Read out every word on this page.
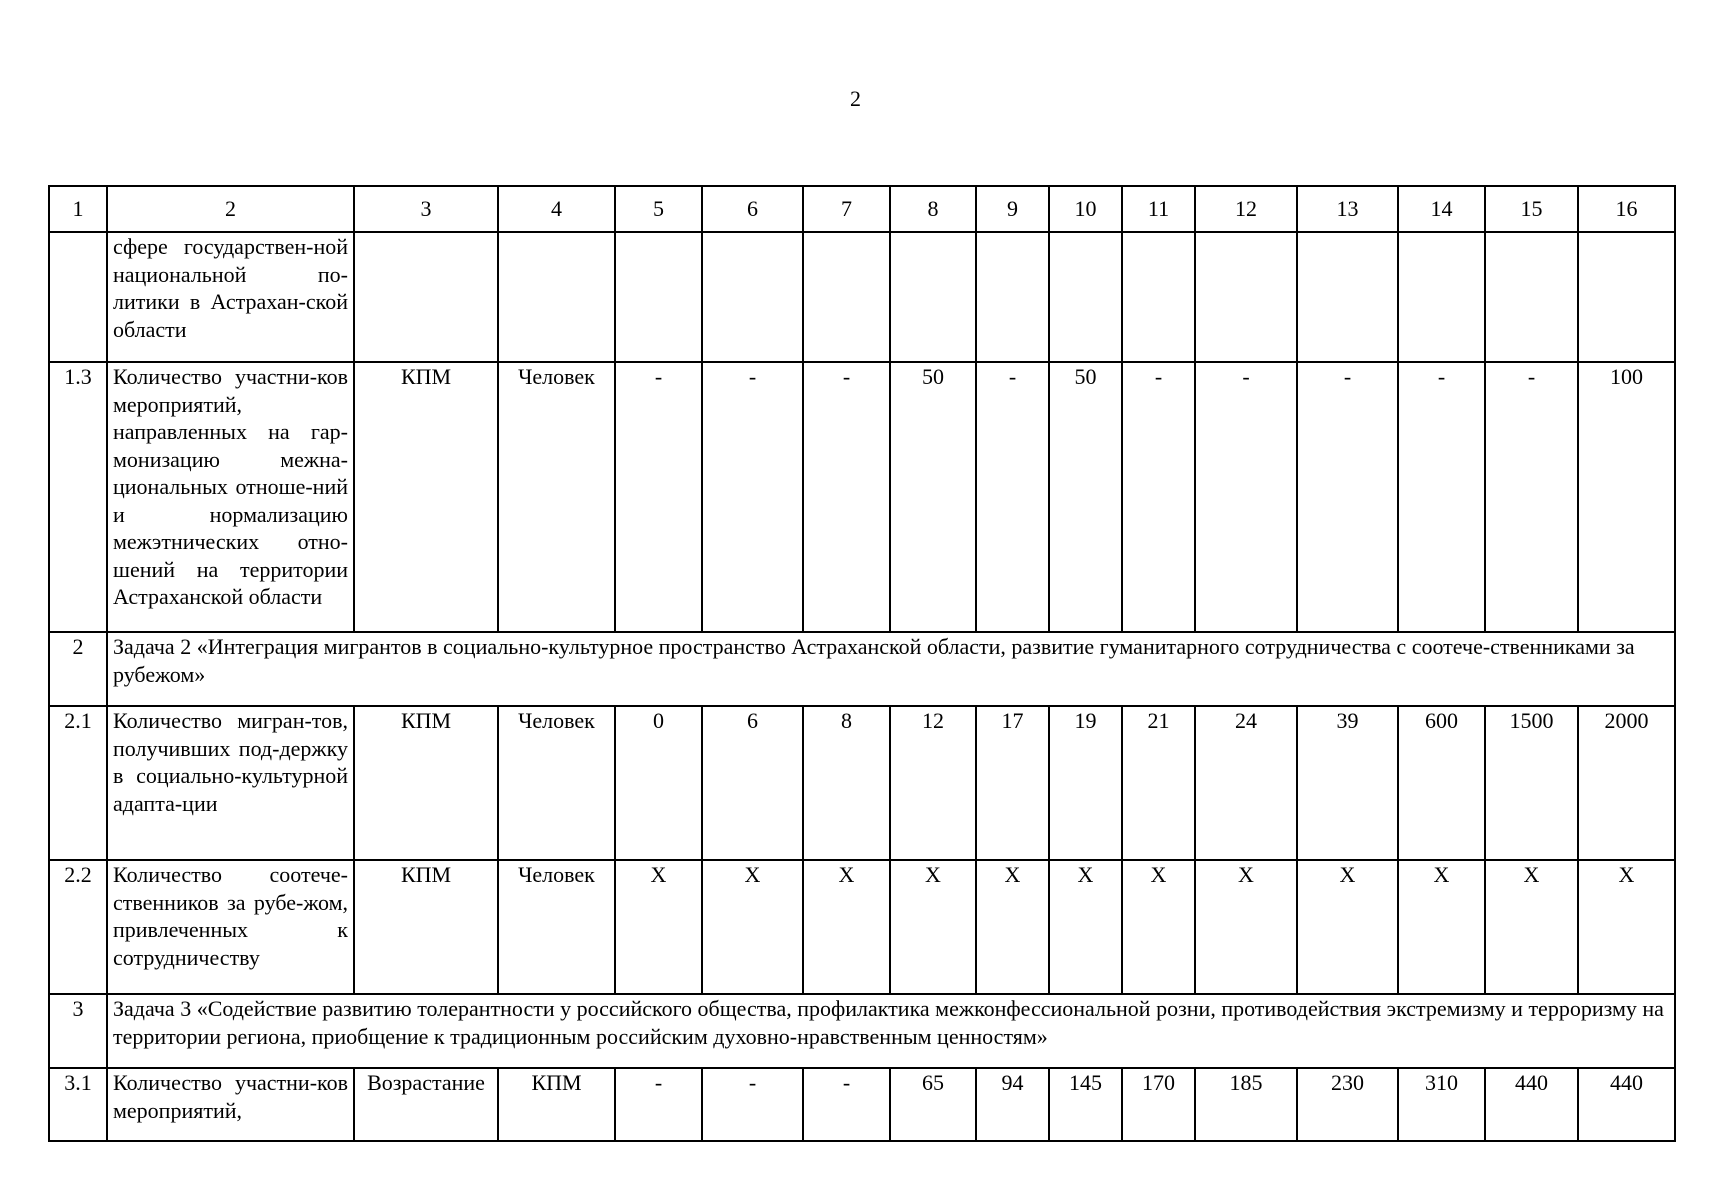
2
1	2	3	4	5	6	7	8	9	10	11	12	13	14	15	16
	сфере государствен-ной национальной по-литики в Астрахан-ской области														
1.3	Количество участни-ков мероприятий, направленных на гар-монизацию межна-циональных отноше-ний и нормализацию межэтнических отно-шений на территории Астраханской области	КПМ	Человек	-	-	-	50	-	50	-	-	-	-	-	100
2	Задача 2 «Интеграция мигрантов в социально-культурное пространство Астраханской области, развитие гуманитарного сотрудничества с соотече-ственниками за рубежом»														
2.1	Количество мигран-тов, получивших под-держку в социально-культурной адапта-ции	КПМ	Человек	0	6	8	12	17	19	21	24	39	600	1500	2000
2.2	Количество соотече-ственников за рубе-жом, привлеченных к сотрудничеству	КПМ	Человек	Х	Х	Х	Х	Х	Х	Х	Х	Х	Х	Х	Х
3	Задача 3 «Содействие развитию толерантности у российского общества, профилактика межконфессиональной розни, противодействия экстремизму и терроризму на территории региона, приобщение к традиционным российским духовно-нравственным ценностям»														
3.1	Количество участни-ков мероприятий,	Возрастание	КПМ	-	-	-	65	94	145	170	185	230	310	440	440
